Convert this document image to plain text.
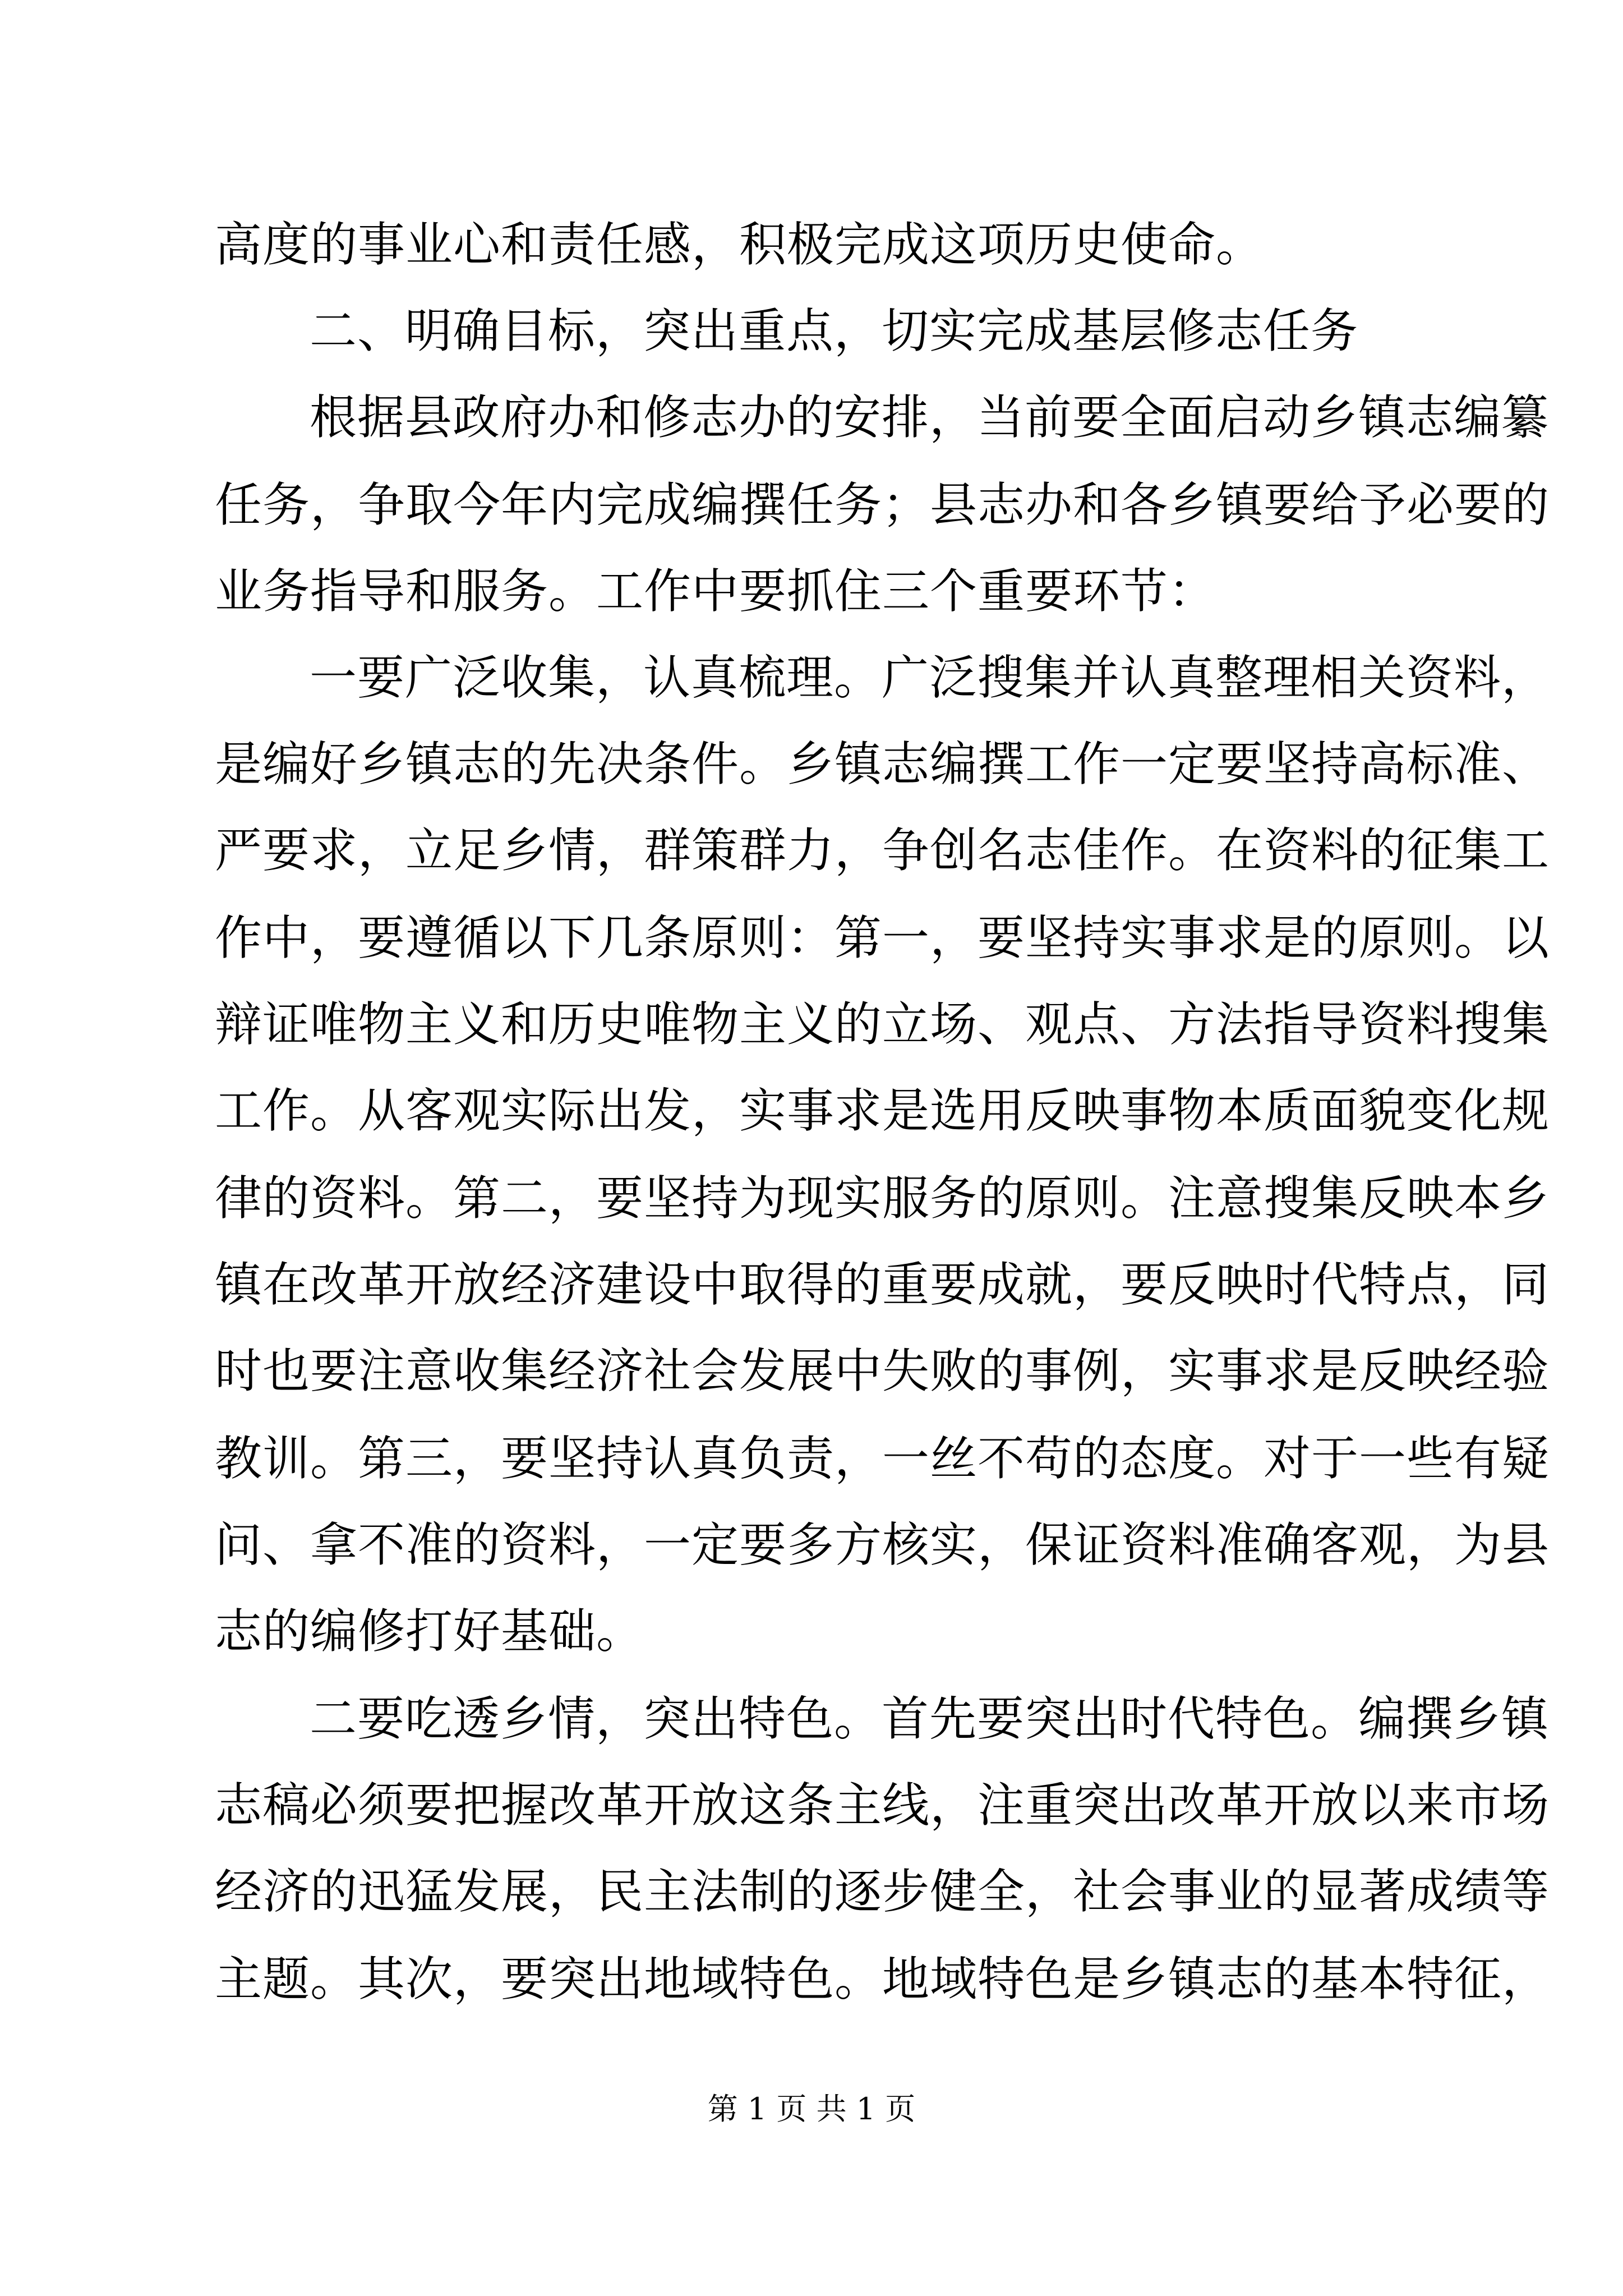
高度的事业心和责任感，积极完成这项历史使命。
二、明确目标，突出重点，切实完成基层修志任务
根据县政府办和修志办的安排，当前要全面启动乡镇志编纂
任务，争取今年内完成编撰任务；县志办和各乡镇要给予必要的
业务指导和服务。工作中要抓住三个重要环节：
一要广泛收集，认真梳理。广泛搜集并认真整理相关资料，
是编好乡镇志的先决条件。乡镇志编撰工作一定要坚持高标准、
严要求，立足乡情，群策群力，争创名志佳作。在资料的征集工
作中，要遵循以下几条原则：第一，要坚持实事求是的原则。以
辩证唯物主义和历史唯物主义的立场、观点、方法指导资料搜集
工作。从客观实际出发，实事求是选用反映事物本质面貌变化规
律的资料。第二，要坚持为现实服务的原则。注意搜集反映本乡
镇在改革开放经济建设中取得的重要成就，要反映时代特点，同
时也要注意收集经济社会发展中失败的事例，实事求是反映经验
教训。第三，要坚持认真负责，一丝不苟的态度。对于一些有疑
问、拿不准的资料，一定要多方核实，保证资料准确客观，为县
志的编修打好基础。
二要吃透乡情，突出特色。首先要突出时代特色。编撰乡镇
志稿必须要把握改革开放这条主线，注重突出改革开放以来市场
经济的迅猛发展，民主法制的逐步健全，社会事业的显著成绩等
主题。其次，要突出地域特色。地域特色是乡镇志的基本特征，
第 1 页 共 1 页
